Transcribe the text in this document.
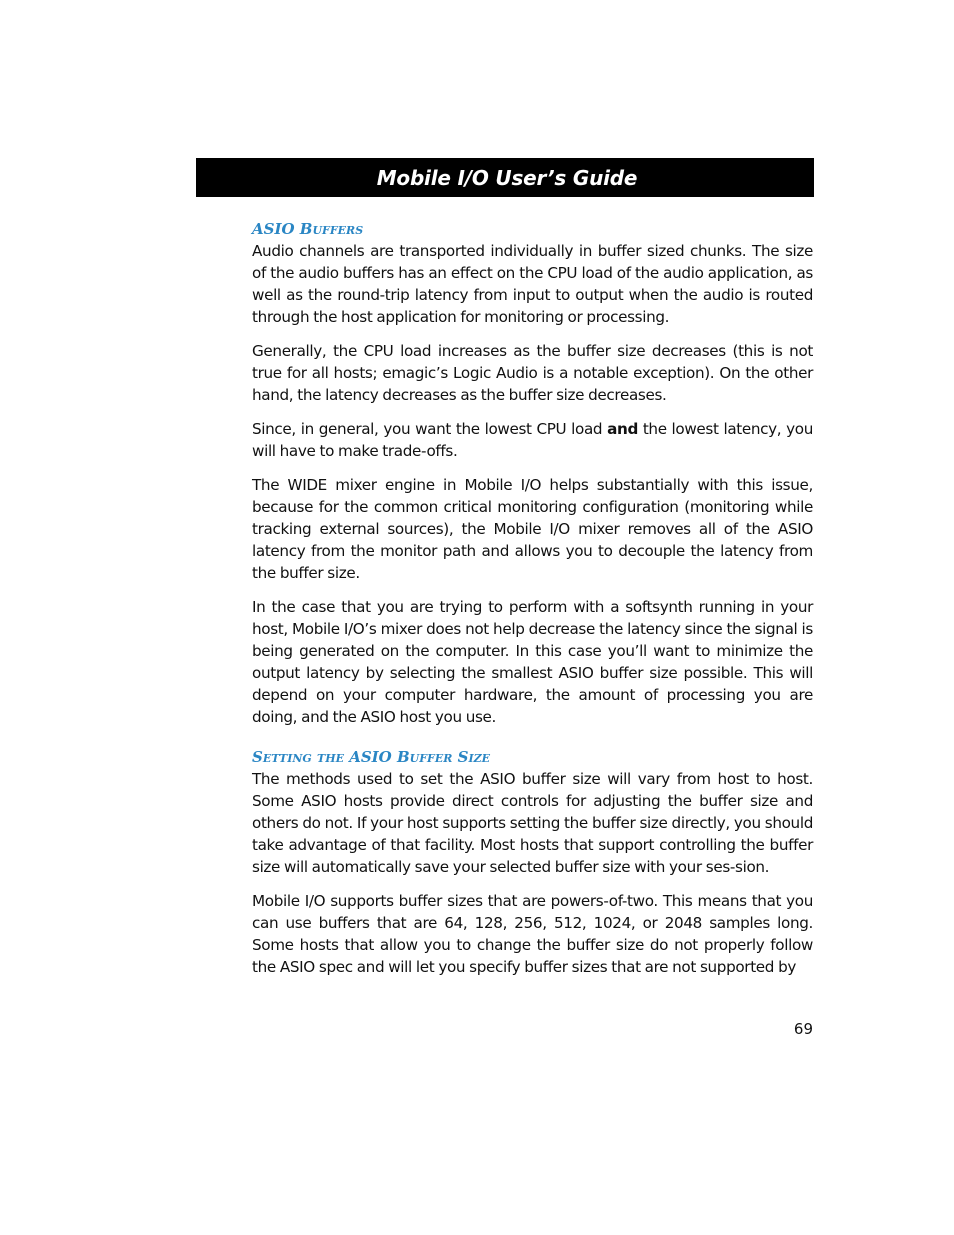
Mobile I/O User’s Guide
ASIO Buffers

Audio channels are transported individually in buffer sized chunks. The size of the audio buffers has an effect on the CPU load of the audio application, as well as the round-trip latency from input to output when the audio is routed through the host application for monitoring or processing.

Generally, the CPU load increases as the buffer size decreases (this is not true for all hosts; emagic’s Logic Audio is a notable exception). On the other hand, the latency decreases as the buffer size decreases.

Since, in general, you want the lowest CPU load and the lowest latency, you will have to make trade-offs.

The WIDE mixer engine in Mobile I/O helps substantially with this issue, because for the common critical monitoring configuration (monitoring while tracking external sources), the Mobile I/O mixer removes all of the ASIO latency from the monitor path and allows you to decouple the latency from the buffer size.

In the case that you are trying to perform with a softsynth running in your host, Mobile I/O’s mixer does not help decrease the latency since the signal is being generated on the computer. In this case you’ll want to minimize the output latency by selecting the smallest ASIO buffer size possible. This will depend on your computer hardware, the amount of processing you are doing, and the ASIO host you use.

Setting the ASIO Buffer Size

The methods used to set the ASIO buffer size will vary from host to host. Some ASIO hosts provide direct controls for adjusting the buffer size and others do not. If your host supports setting the buffer size directly, you should take advantage of that facility. Most hosts that support controlling the buffer size will automatically save your selected buffer size with your ses-sion.

Mobile I/O supports buffer sizes that are powers-of-two. This means that you can use buffers that are 64, 128, 256, 512, 1024, or 2048 samples long. Some hosts that allow you to change the buffer size do not properly follow the ASIO spec and will let you specify buffer sizes that are not supported by

69
